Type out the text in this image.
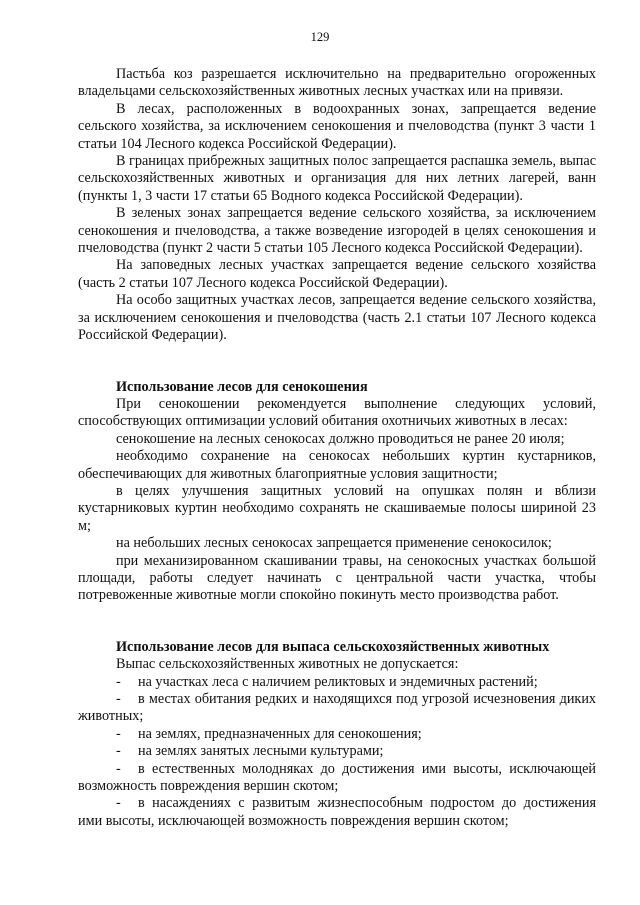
129

Пастьба коз разрешается исключительно на предварительно огороженных владельцами сельскохозяйственных животных лесных участках или на привязи.

В лесах, расположенных в водоохранных зонах, запрещается ведение сельского хозяйства, за исключением сенокошения и пчеловодства (пункт 3 части 1 статьи 104 Лесного кодекса Российской Федерации).

В границах прибрежных защитных полос запрещается распашка земель, выпас сельскохозяйственных животных и организация для них летних лагерей, ванн (пункты 1, 3 части 17 статьи 65 Водного кодекса Российской Федерации).

В зеленых зонах запрещается ведение сельского хозяйства, за исключением сенокошения и пчеловодства, а также возведение изгородей в целях сенокошения и пчеловодства (пункт 2 части 5 статьи 105 Лесного кодекса Российской Федерации).

На заповедных лесных участках запрещается ведение сельского хозяйства (часть 2 статьи 107 Лесного кодекса Российской Федерации).

На особо защитных участках лесов, запрещается ведение сельского хозяйства, за исключением сенокошения и пчеловодства (часть 2.1 статьи 107 Лесного кодекса Российской Федерации).

Использование лесов для сенокошения

При сенокошении рекомендуется выполнение следующих условий, способствующих оптимизации условий обитания охотничьих животных в лесах:

сенокошение на лесных сенокосах должно проводиться не ранее 20 июля;

необходимо сохранение на сенокосах небольших куртин кустарников, обеспечивающих для животных благоприятные условия защитности;

в целях улучшения защитных условий на опушках полян и вблизи кустарниковых куртин необходимо сохранять не скашиваемые полосы шириной 23 м;

на небольших лесных сенокосах запрещается применение сенокосилок;

при механизированном скашивании травы, на сенокосных участках большой площади, работы следует начинать с центральной части участка, чтобы потревоженные животные могли спокойно покинуть место производства работ.

Использование лесов для выпаса сельскохозяйственных животных

Выпас сельскохозяйственных животных не допускается:

- на участках леса с наличием реликтовых и эндемичных растений;

- в местах обитания редких и находящихся под угрозой исчезновения диких животных;

- на землях, предназначенных для сенокошения;

- на землях занятых лесными культурами;

- в естественных молодняках до достижения ими высоты, исключающей возможность повреждения вершин скотом;

- в насаждениях с развитым жизнеспособным подростом до достижения ими высоты, исключающей возможность повреждения вершин скотом;
